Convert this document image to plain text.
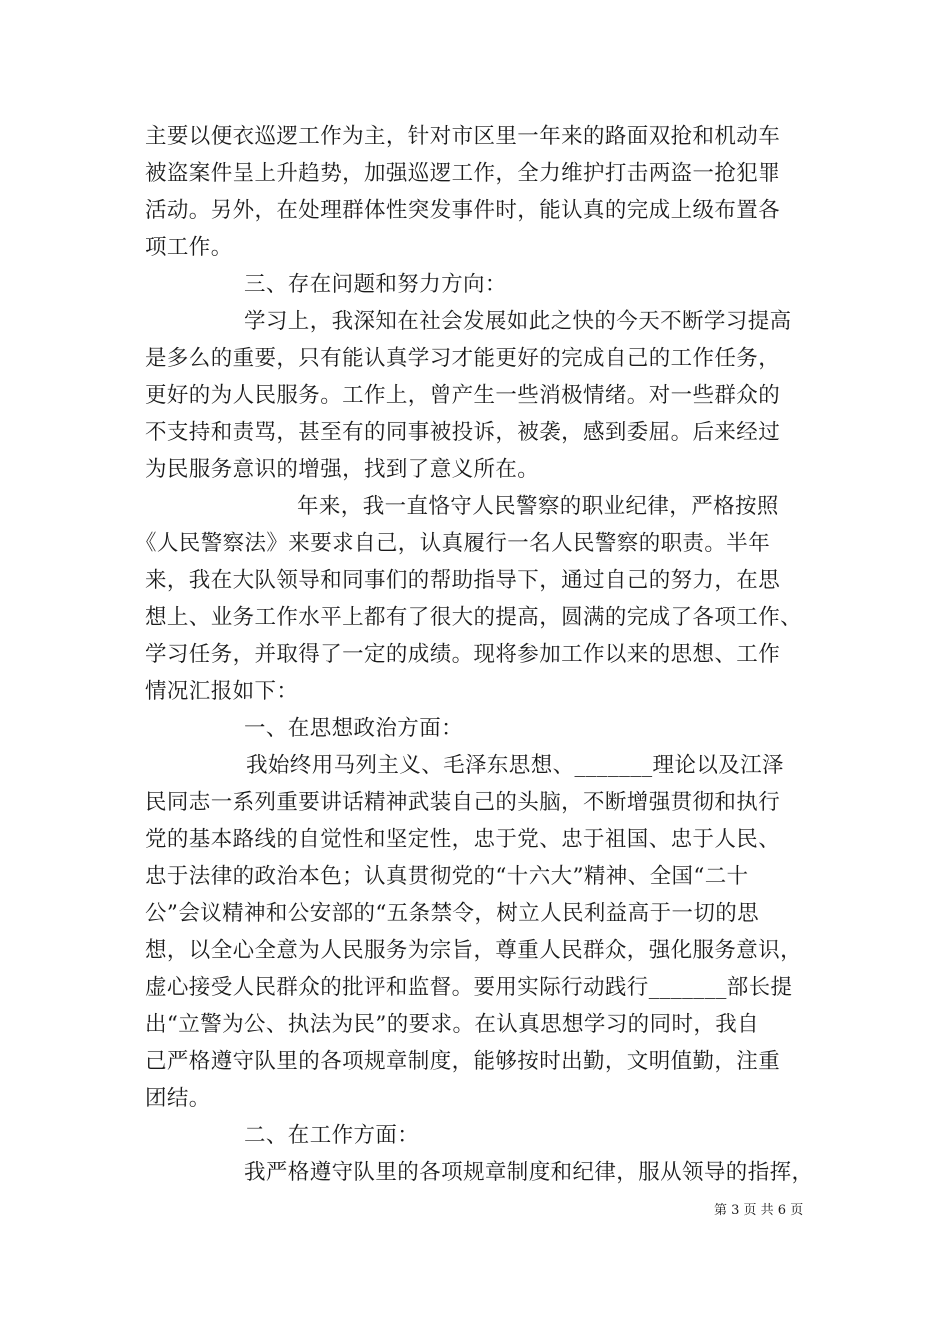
主要以便衣巡逻工作为主，针对市区里一年来的路面双抢和机动车
被盗案件呈上升趋势，加强巡逻工作，全力维护打击两盗一抢犯罪
活动。另外，在处理群体性突发事件时，能认真的完成上级布置各
项工作。
三、存在问题和努力方向：
学习上，我深知在社会发展如此之快的今天不断学习提高
是多么的重要，只有能认真学习才能更好的完成自己的工作任务，
更好的为人民服务。工作上，曾产生一些消极情绪。对一些群众的
不支持和责骂，甚至有的同事被投诉，被袭，感到委屈。后来经过
为民服务意识的增强，找到了意义所在。
年来，我一直恪守人民警察的职业纪律，严格按照
《人民警察法》来要求自己，认真履行一名人民警察的职责。半年
来，我在大队领导和同事们的帮助指导下，通过自己的努力，在思
想上、业务工作水平上都有了很大的提高，圆满的完成了各项工作、
学习任务，并取得了一定的成绩。现将参加工作以来的思想、工作
情况汇报如下：
一、在思想政治方面：
我始终用马列主义、毛泽东思想、_______理论以及江泽
民同志一系列重要讲话精神武装自己的头脑，不断增强贯彻和执行
党的基本路线的自觉性和坚定性，忠于党、忠于祖国、忠于人民、
忠于法律的政治本色；认真贯彻党的“十六大”精神、全国“二十
公”会议精神和公安部的“五条禁令，树立人民利益高于一切的思
想，以全心全意为人民服务为宗旨，尊重人民群众，强化服务意识，
虚心接受人民群众的批评和监督。要用实际行动践行_______部长提
出“立警为公、执法为民”的要求。在认真思想学习的同时，我自
己严格遵守队里的各项规章制度，能够按时出勤，文明值勤，注重
团结。
二、在工作方面：
我严格遵守队里的各项规章制度和纪律，服从领导的指挥，
第 3 页 共 6 页
